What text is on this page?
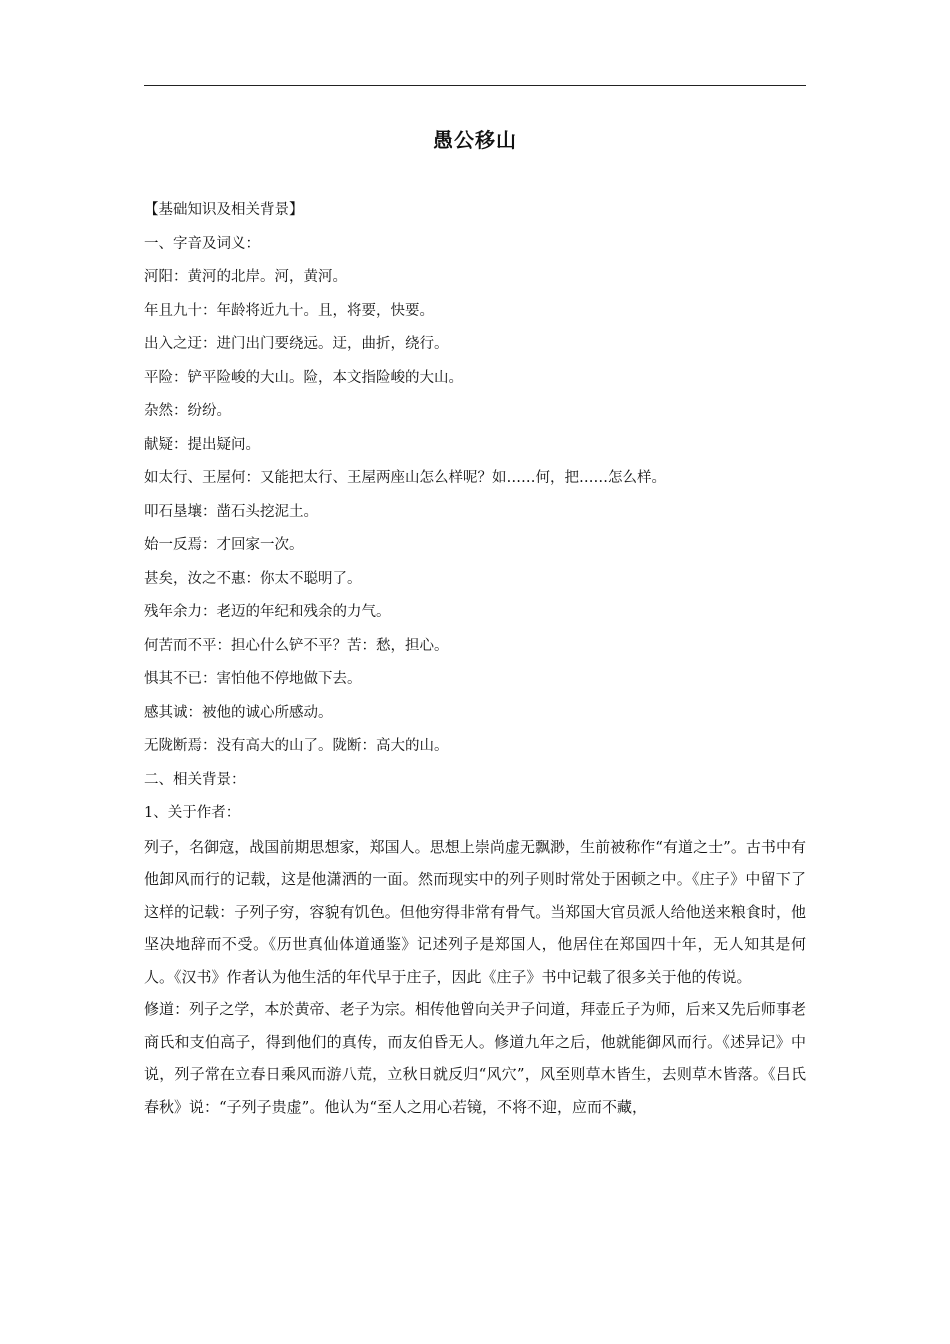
愚公移山
【基础知识及相关背景】
一、字音及词义：
河阳：黄河的北岸。河，黄河。
年且九十：年龄将近九十。且，将要，快要。
出入之迂：进门出门要绕远。迂，曲折，绕行。
平险：铲平险峻的大山。险，本文指险峻的大山。
杂然：纷纷。
献疑：提出疑问。
如太行、王屋何：又能把太行、王屋两座山怎么样呢？如……何，把……怎么样。
叩石垦壤：凿石头挖泥土。
始一反焉：才回家一次。
甚矣，汝之不惠：你太不聪明了。
残年余力：老迈的年纪和残余的力气。
何苦而不平：担心什么铲不平？苦：愁，担心。
惧其不已：害怕他不停地做下去。
感其诚：被他的诚心所感动。
无陇断焉：没有高大的山了。陇断：高大的山。
二、相关背景：
1、关于作者：

列子，名御寇，战国前期思想家，郑国人。思想上崇尚虚无飘渺，生前被称作“有道之士”。古书中有他卸风而行的记载，这是他潇洒的一面。然而现实中的列子则时常处于困顿之中。《庄子》中留下了这样的记载：子列子穷，容貌有饥色。但他穷得非常有骨气。当郑国大官员派人给他送来粮食时，他坚决地辞而不受。《历世真仙体道通鉴》记述列子是郑国人，他居住在郑国四十年，无人知其是何人。《汉书》作者认为他生活的年代早于庄子，因此《庄子》书中记载了很多关于他的传说。

修道：列子之学，本於黄帝、老子为宗。相传他曾向关尹子问道，拜壶丘子为师，后来又先后师事老商氏和支伯高子，得到他们的真传，而友伯昏无人。修道九年之后，他就能御风而行。《述异记》中说，列子常在立春日乘风而游八荒，立秋日就反归“风穴”，风至则草木皆生，去则草木皆落。《吕氏春秋》说：“子列子贵虚”。他认为“至人之用心若镜，不将不迎，应而不藏，
